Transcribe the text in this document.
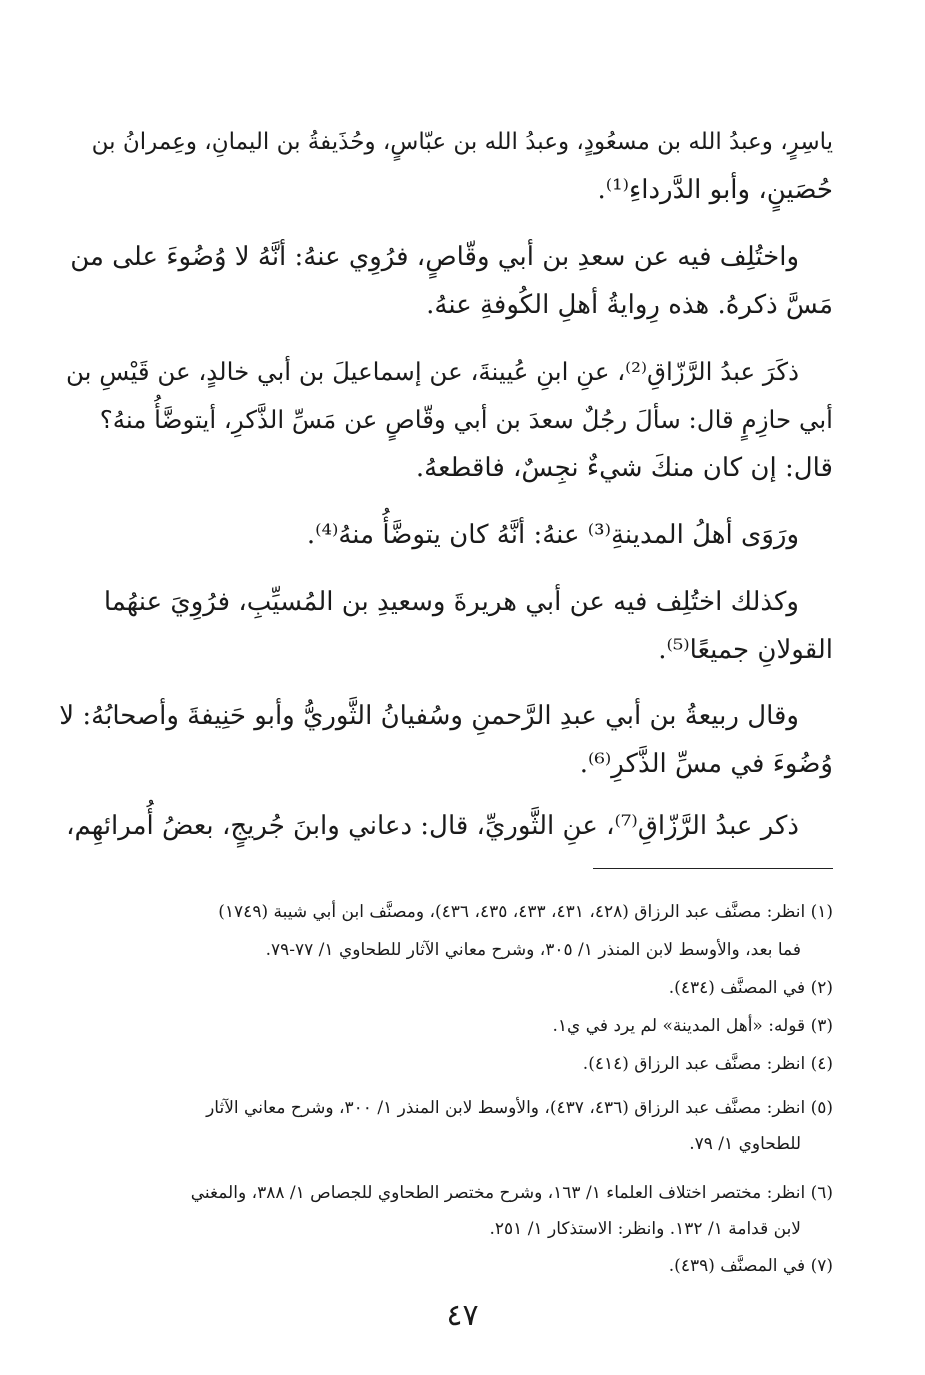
ياسِرٍ، وعبدُ الله بن مسعُودٍ، وعبدُ الله بن عبّاسٍ، وحُذَيفةُ بن اليمانِ، وعِمرانُ بن
حُصَينٍ، وأبو الدَّرداءِ⁽¹⁾.
واختُلِف فيه عن سعدِ بن أبي وقّاصٍ، فرُوِي عنهُ: أنَّهُ لا وُضُوءَ على من
مَسَّ ذكرهُ. هذه رِوايةُ أهلِ الكُوفةِ عنهُ.
ذكَرَ عبدُ الرَّزّاقِ⁽²⁾، عنِ ابنِ عُيينةَ، عن إسماعيلَ بن أبي خالدٍ، عن قَيْسِ بن
أبي حازِمٍ قال: سألَ رجُلٌ سعدَ بن أبي وقّاصٍ عن مَسِّ الذَّكرِ، أيتوضَّأُ منهُ؟
قال: إن كان منكَ شيءٌ نجِسٌ، فاقطعهُ.
ورَوَى أهلُ المدينةِ⁽³⁾ عنهُ: أنَّهُ كان يتوضَّأُ منهُ⁽⁴⁾.
وكذلك اختُلِف فيه عن أبي هريرةَ وسعيدِ بن المُسيِّبِ، فرُوِيَ عنهُما
القولانِ جميعًا⁽⁵⁾.
وقال ربيعةُ بن أبي عبدِ الرَّحمنِ وسُفيانُ الثَّوريُّ وأبو حَنِيفةَ وأصحابُهُ: لا
وُضُوءَ في مسِّ الذَّكرِ⁽⁶⁾.
ذكر عبدُ الرَّزّاقِ⁽⁷⁾، عنِ الثَّوريِّ، قال: دعاني وابنَ جُريجٍ، بعضُ أُمرائهِم،
(١) انظر: مصنَّف عبد الرزاق (٤٢٨، ٤٣١، ٤٣٣، ٤٣٥، ٤٣٦)، ومصنَّف ابن أبي شيبة (١٧٤٩)
فما بعد، والأوسط لابن المنذر ١/ ٣٠٥، وشرح معاني الآثار للطحاوي ١/ ٧٧-٧٩.
(٢) في المصنَّف (٤٣٤).
(٣) قوله: «أهل المدينة» لم يرد في ي١.
(٤) انظر: مصنَّف عبد الرزاق (٤١٤).
(٥) انظر: مصنَّف عبد الرزاق (٤٣٦، ٤٣٧)، والأوسط لابن المنذر ١/ ٣٠٠، وشرح معاني الآثار
للطحاوي ١/ ٧٩.
(٦) انظر: مختصر اختلاف العلماء ١/ ١٦٣، وشرح مختصر الطحاوي للجصاص ١/ ٣٨٨، والمغني
لابن قدامة ١/ ١٣٢. وانظر: الاستذكار ١/ ٢٥١.
(٧) في المصنَّف (٤٣٩).
٤٧
